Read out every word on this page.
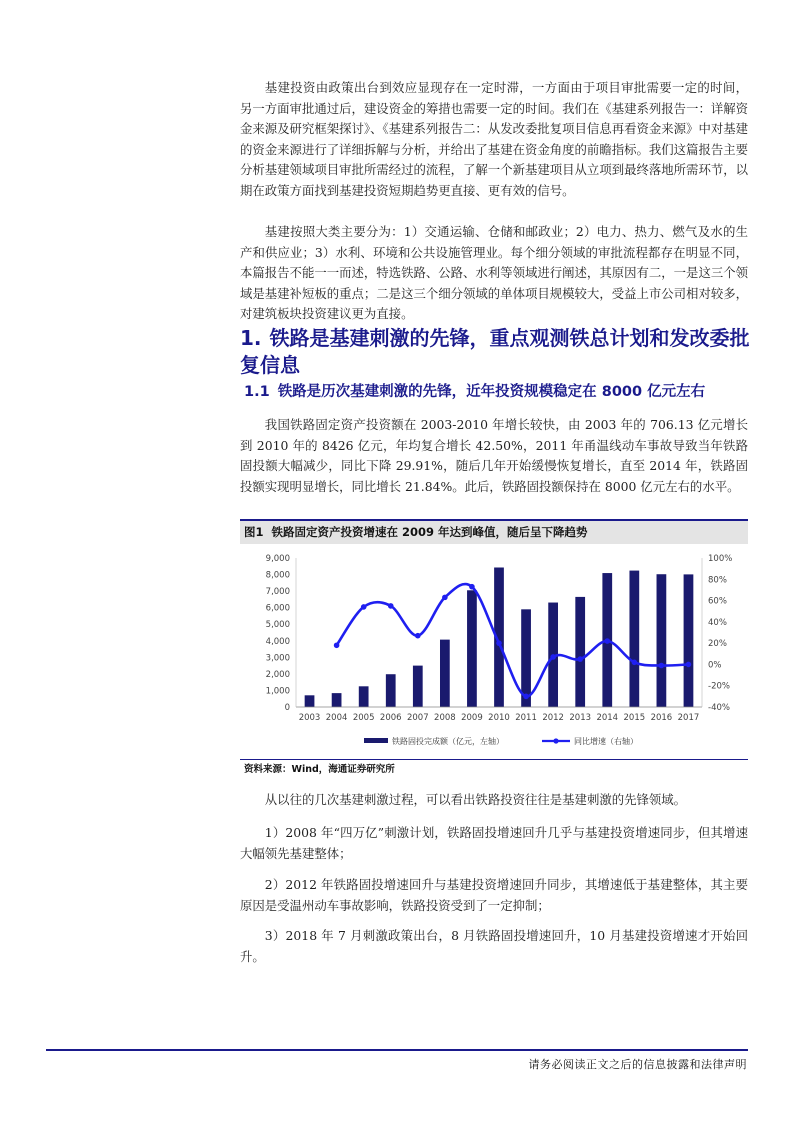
基建投资由政策出台到效应显现存在一定时滞，一方面由于项目审批需要一定的时间，另一方面审批通过后，建设资金的筹措也需要一定的时间。我们在《基建系列报告一：详解资金来源及研究框架探讨》、《基建系列报告二：从发改委批复项目信息再看资金来源》中对基建的资金来源进行了详细拆解与分析，并给出了基建在资金角度的前瞻指标。我们这篇报告主要分析基建领域项目审批所需经过的流程，了解一个新基建项目从立项到最终落地所需环节，以期在政策方面找到基建投资短期趋势更直接、更有效的信号。
基建按照大类主要分为：1）交通运输、仓储和邮政业；2）电力、热力、燃气及水的生产和供应业；3）水利、环境和公共设施管理业。每个细分领域的审批流程都存在明显不同，本篇报告不能一一而述，特选铁路、公路、水利等领域进行阐述，其原因有二，一是这三个领域是基建补短板的重点；二是这三个细分领域的单体项目规模较大，受益上市公司相对较多，对建筑板块投资建议更为直接。
1. 铁路是基建刺激的先锋，重点观测铁总计划和发改委批复信息
1.1 铁路是历次基建刺激的先锋，近年投资规模稳定在 8000 亿元左右
我国铁路固定资产投资额在 2003-2010 年增长较快，由 2003 年的 706.13 亿元增长到 2010 年的 8426 亿元，年均复合增长 42.50%，2011 年甬温线动车事故导致当年铁路固投额大幅减少，同比下降 29.91%，随后几年开始缓慢恢复增长，直至 2014 年，铁路固投额实现明显增长，同比增长 21.84%。此后，铁路固投额保持在 8000 亿元左右的水平。
图1 铁路固定资产投资增速在 2009 年达到峰值，随后呈下降趋势
0
1,000
2,000
3,000
4,000
5,000
6,000
7,000
8,000
9,000
-40%
-20%
0%
20%
40%
60%
80%
100%
2003 2004 2005 2006 2007 2008 2009 2010 2011 2012 2013 2014 2015 2016 2017
铁路固投完成额（亿元，左轴）	同比增速（右轴）
资料来源：Wind，海通证券研究所
从以往的几次基建刺激过程，可以看出铁路投资往往是基建刺激的先锋领域。
1）2008 年“四万亿”刺激计划，铁路固投增速回升几乎与基建投资增速同步，但其增速大幅领先基建整体；
2）2012 年铁路固投增速回升与基建投资增速回升同步，其增速低于基建整体，其主要原因是受温州动车事故影响，铁路投资受到了一定抑制；
3）2018 年 7 月刺激政策出台，8 月铁路固投增速回升，10 月基建投资增速才开始回升。
请务必阅读正文之后的信息披露和法律声明
